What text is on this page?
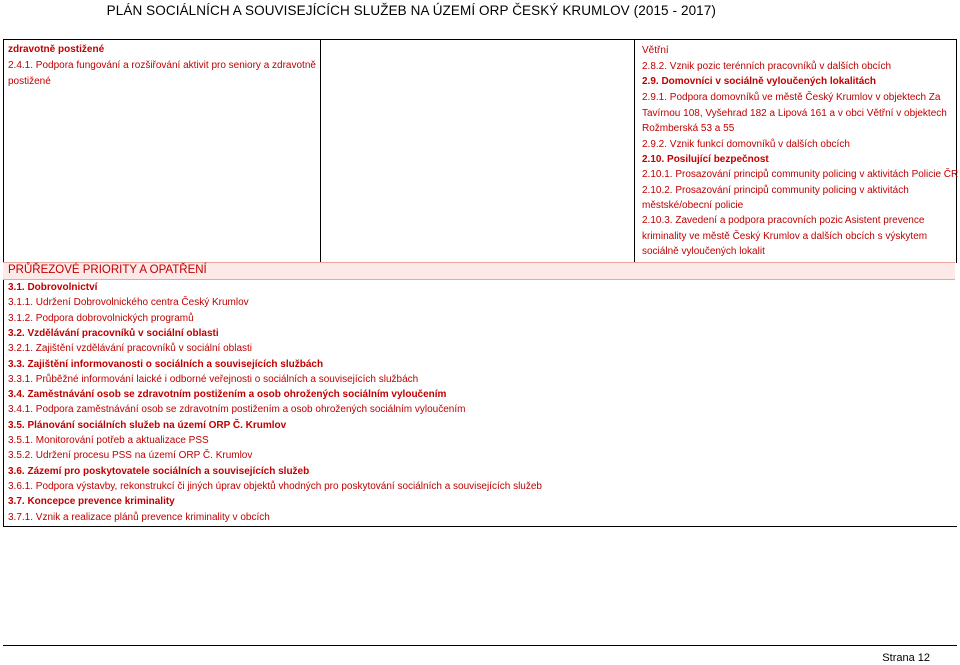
PLÁN SOCIÁLNÍCH A SOUVISEJÍCÍCH SLUŽEB NA ÚZEMÍ ORP ČESKÝ KRUMLOV (2015 - 2017)
zdravotně postižené
2.4.1. Podpora fungování a rozšiřování aktivit pro seniory a zdravotně
postižené
Větřní
2.8.2. Vznik pozic terénních pracovníků v dalších obcích
2.9. Domovníci v sociálně vyloučených lokalitách
2.9.1. Podpora domovníků ve městě Český Krumlov v objektech Za
Tavírnou 108, Vyšehrad 182 a Lipová 161 a v obci Větřní v objektech
Rožmberská 53 a 55
2.9.2. Vznik funkcí domovníků v dalších obcích
2.10. Posilující bezpečnost
2.10.1. Prosazování principů community policing v aktivitách Policie ČR
2.10.2. Prosazování principů community policing v aktivitách
městské/obecní policie
2.10.3. Zavedení a podpora pracovních pozic Asistent prevence
kriminality ve městě Český Krumlov a dalších obcích s výskytem
sociálně vyloučených lokalit
PRŮŘEZOVÉ PRIORITY A OPATŘENÍ
3.1. Dobrovolnictví
3.1.1. Udržení Dobrovolnického centra Český Krumlov
3.1.2. Podpora dobrovolnických programů
3.2. Vzdělávání pracovníků v sociální oblasti
3.2.1. Zajištění vzdělávání pracovníků v sociální oblasti
3.3. Zajištění informovanosti o sociálních a souvisejících službách
3.3.1. Průběžné informování laické i odborné veřejnosti o sociálních a souvisejících službách
3.4. Zaměstnávání osob se zdravotním postižením a osob ohrožených sociálním vyloučením
3.4.1. Podpora zaměstnávání osob se zdravotním postižením a osob ohrožených sociálním vyloučením
3.5. Plánování sociálních služeb na území ORP Č. Krumlov
3.5.1. Monitorování potřeb a aktualizace PSS
3.5.2. Udržení procesu PSS na území ORP Č. Krumlov
3.6. Zázemí pro poskytovatele sociálních a souvisejících služeb
3.6.1. Podpora výstavby, rekonstrukcí či jiných úprav objektů vhodných pro poskytování sociálních a souvisejících služeb
3.7. Koncepce prevence kriminality
3.7.1. Vznik a realizace plánů prevence kriminality v obcích
Strana 12
